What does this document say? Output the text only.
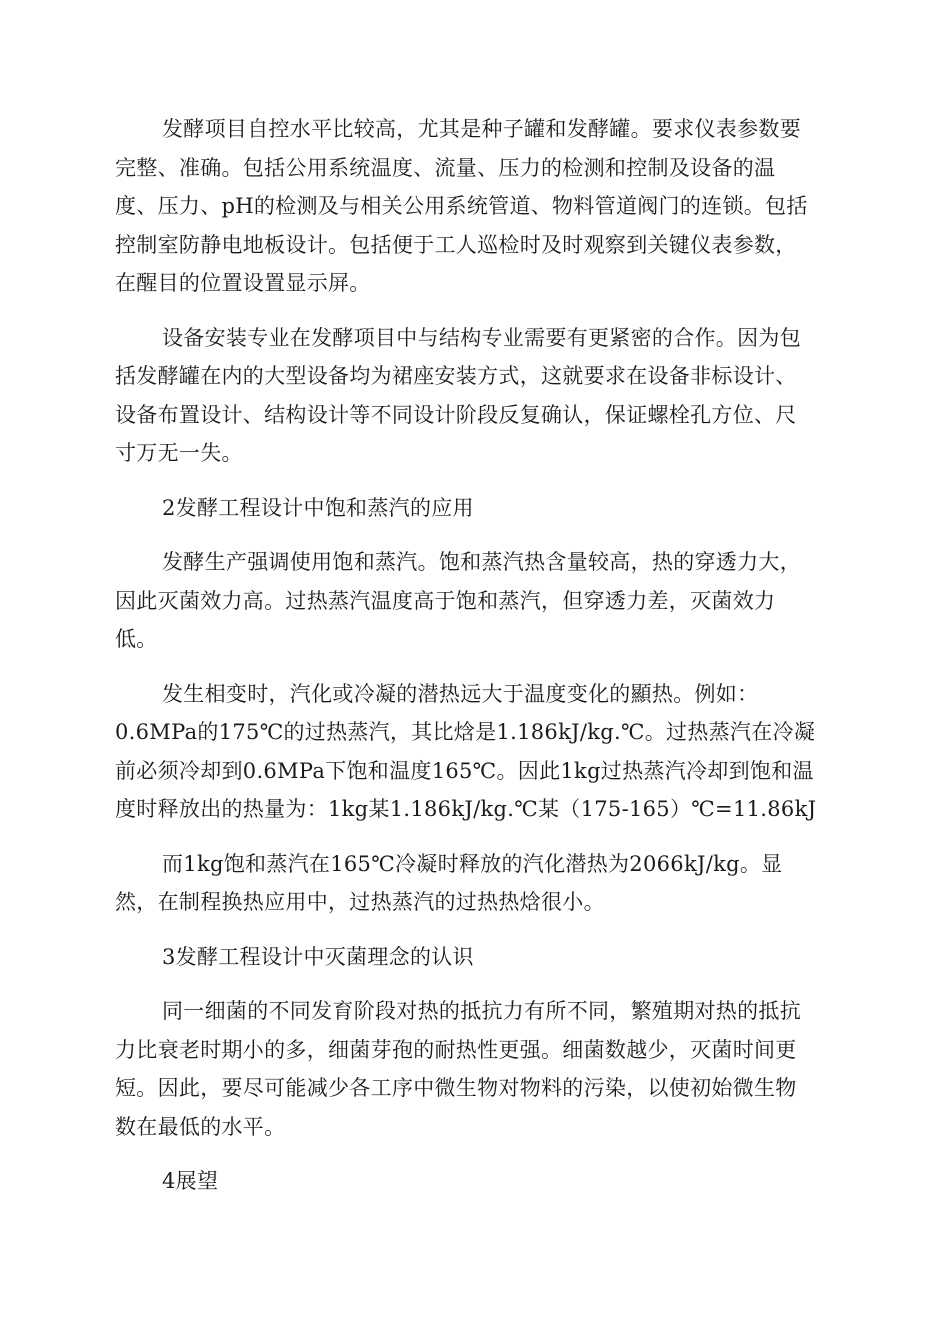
发酵项目自控水平比较高，尤其是种子罐和发酵罐。要求仪表参数要
完整、准确。包括公用系统温度、流量、压力的检测和控制及设备的温
度、压力、pH的检测及与相关公用系统管道、物料管道阀门的连锁。包括
控制室防静电地板设计。包括便于工人巡检时及时观察到关键仪表参数，
在醒目的位置设置显示屏。

设备安装专业在发酵项目中与结构专业需要有更紧密的合作。因为包
括发酵罐在内的大型设备均为裙座安装方式，这就要求在设备非标设计、
设备布置设计、结构设计等不同设计阶段反复确认，保证螺栓孔方位、尺
寸万无一失。

2发酵工程设计中饱和蒸汽的应用

发酵生产强调使用饱和蒸汽。饱和蒸汽热含量较高，热的穿透力大，
因此灭菌效力高。过热蒸汽温度高于饱和蒸汽，但穿透力差，灭菌效力
低。

发生相变时，汽化或冷凝的潜热远大于温度变化的顯热。例如：
0.6MPa的175℃的过热蒸汽，其比焓是1.186kJ/kg.℃。过热蒸汽在冷凝
前必须冷却到0.6MPa下饱和温度165℃。因此1kg过热蒸汽冷却到饱和温
度时释放出的热量为：1kg某1.186kJ/kg.℃某（175-165）℃=11.86kJ

而1kg饱和蒸汽在165℃冷凝时释放的汽化潜热为2066kJ/kg。显
然，在制程换热应用中，过热蒸汽的过热热焓很小。

3发酵工程设计中灭菌理念的认识

同一细菌的不同发育阶段对热的抵抗力有所不同，繁殖期对热的抵抗
力比衰老时期小的多，细菌芽孢的耐热性更强。细菌数越少，灭菌时间更
短。因此，要尽可能减少各工序中微生物对物料的污染，以使初始微生物
数在最低的水平。

4展望
